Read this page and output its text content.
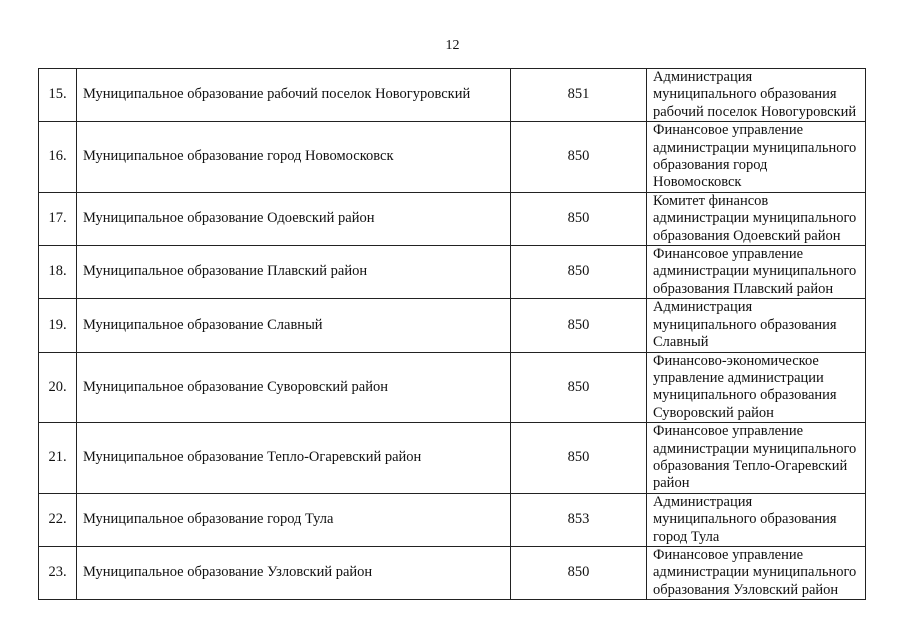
12
15.	Муниципальное образование рабочий поселок Новогуровский	851	Администрация муниципального образования рабочий поселок Новогуровский
16.	Муниципальное образование город Новомосковск	850	Финансовое управление администрации муниципального образования город Новомосковск
17.	Муниципальное образование Одоевский район	850	Комитет финансов администрации муниципального образования Одоевский район
18.	Муниципальное образование Плавский район	850	Финансовое управление администрации муниципального образования Плавский район
19.	Муниципальное образование Славный	850	Администрация муниципального образования Славный
20.	Муниципальное образование Суворовский район	850	Финансово-экономическое управление администрации муниципального образования Суворовский район
21.	Муниципальное образование Тепло-Огаревский район	850	Финансовое управление администрации муниципального образования Тепло-Огаревский район
22.	Муниципальное образование город Тула	853	Администрация муниципального образования город Тула
23.	Муниципальное образование Узловский район	850	Финансовое управление администрации муниципального образования Узловский район
